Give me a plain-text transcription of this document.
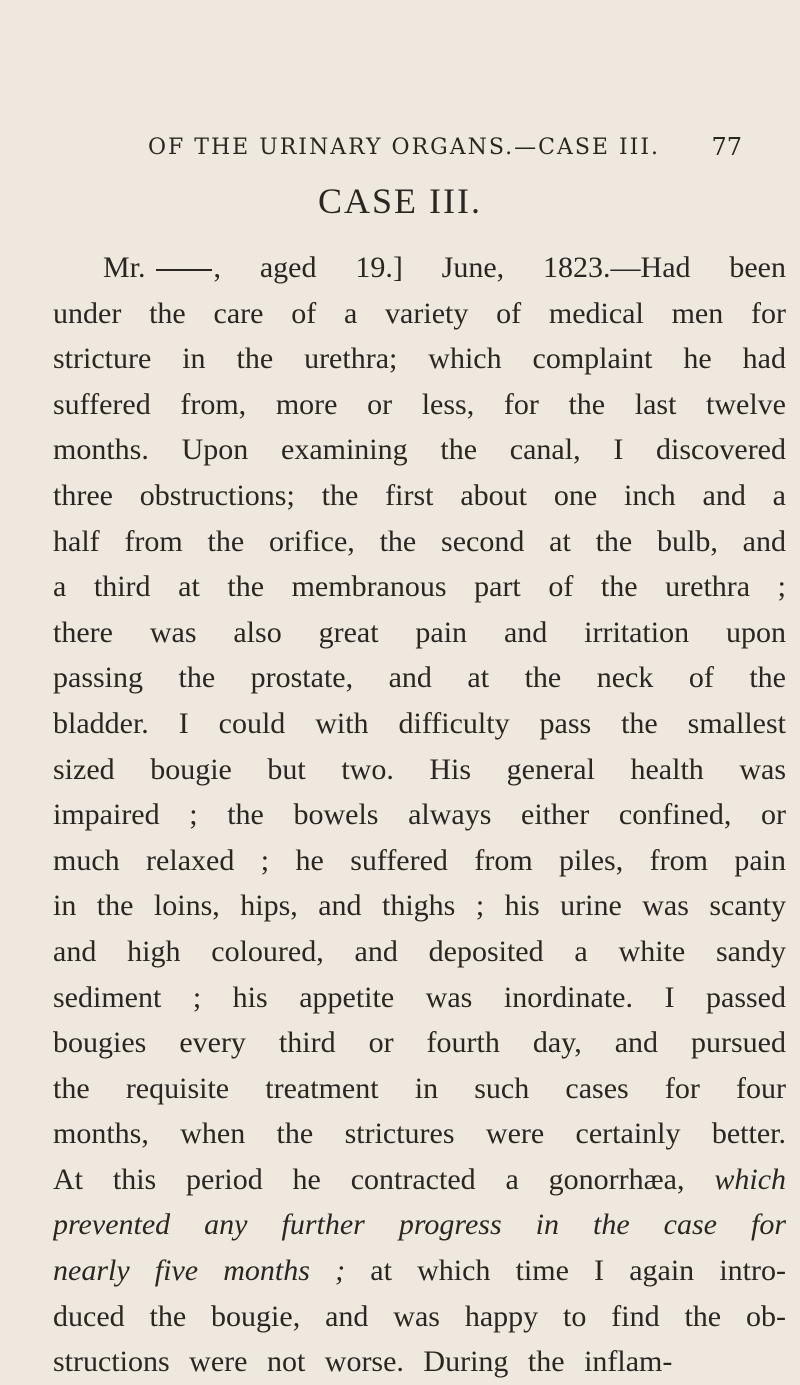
OF THE URINARY ORGANS.—CASE III. 77
CASE III.
Mr. , aged 19.] June, 1823.—Had been
under the care of a variety of medical men for
stricture in the urethra; which complaint he had
suffered from, more or less, for the last twelve
months. Upon examining the canal, I discovered
three obstructions; the first about one inch and a
half from the orifice, the second at the bulb, and
a third at the membranous part of the urethra ;
there was also great pain and irritation upon
passing the prostate, and at the neck of the
bladder. I could with difficulty pass the smallest
sized bougie but two. His general health was
impaired ; the bowels always either confined, or
much relaxed ; he suffered from piles, from pain
in the loins, hips, and thighs ; his urine was scanty
and high coloured, and deposited a white sandy
sediment ; his appetite was inordinate. I passed
bougies every third or fourth day, and pursued
the requisite treatment in such cases for four
months, when the strictures were certainly better.
At this period he contracted a gonorrhæa, which
prevented any further progress in the case for
nearly five months ; at which time I again intro-
duced the bougie, and was happy to find the ob-
structions were not worse. During the inflam-
